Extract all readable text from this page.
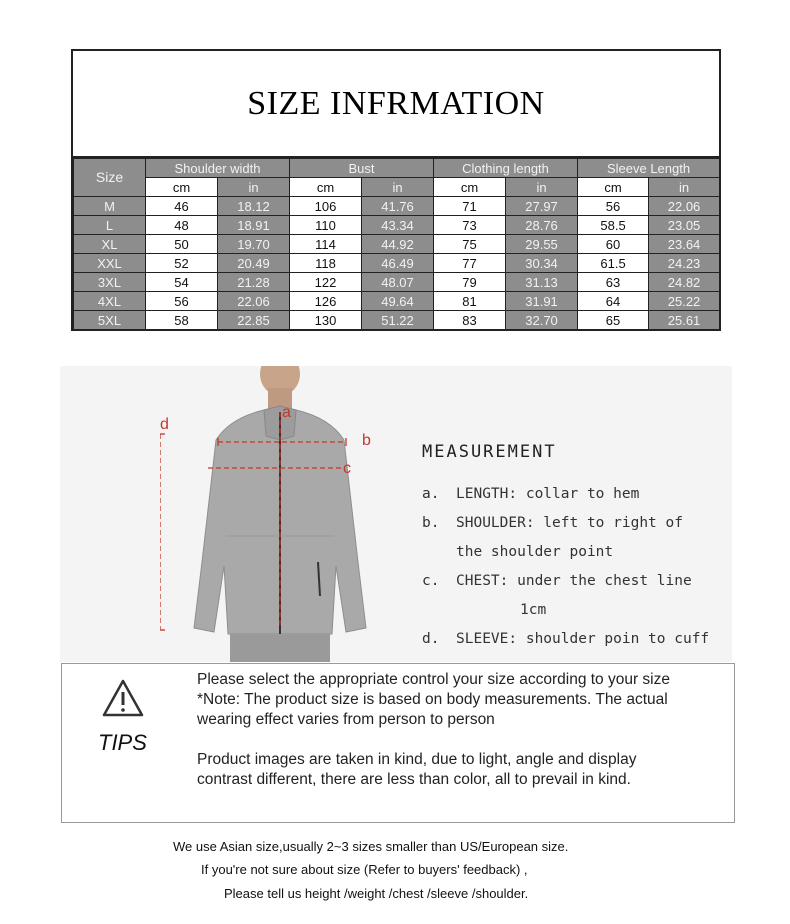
SIZE INFRMATION
Size	Shoulder width		Bust		Clothing length		Sleeve Length	
	cm	in	cm	in	cm	in	cm	in
M	46	18.12	106	41.76	71	27.97	56	22.06
L	48	18.91	110	43.34	73	28.76	58.5	23.05
XL	50	19.70	114	44.92	75	29.55	60	23.64
XXL	52	20.49	118	46.49	77	30.34	61.5	24.23
3XL	54	21.28	122	48.07	79	31.13	63	24.82
4XL	56	22.06	126	49.64	81	31.91	64	25.22
5XL	58	22.85	130	51.22	83	32.70	65	25.61
a
b
c
d
MEASUREMENT
a. LENGTH: collar to hem
b. SHOULDER: left to right of
the shoulder point
c. CHEST: under the chest line
1cm
d. SLEEVE: shoulder poin to cuff
TIPS
Please select the appropriate control your size according to your size
*Note: The product size is based on body measurements. The actual
wearing effect varies from person to person
Product images are taken in kind, due to light, angle and display
contrast different, there are less than color, all to prevail in kind.
We use Asian size,usually 2~3 sizes smaller than US/European size.
If you're not sure about size (Refer to buyers' feedback) ,
Please tell us height /weight /chest /sleeve /shoulder.
